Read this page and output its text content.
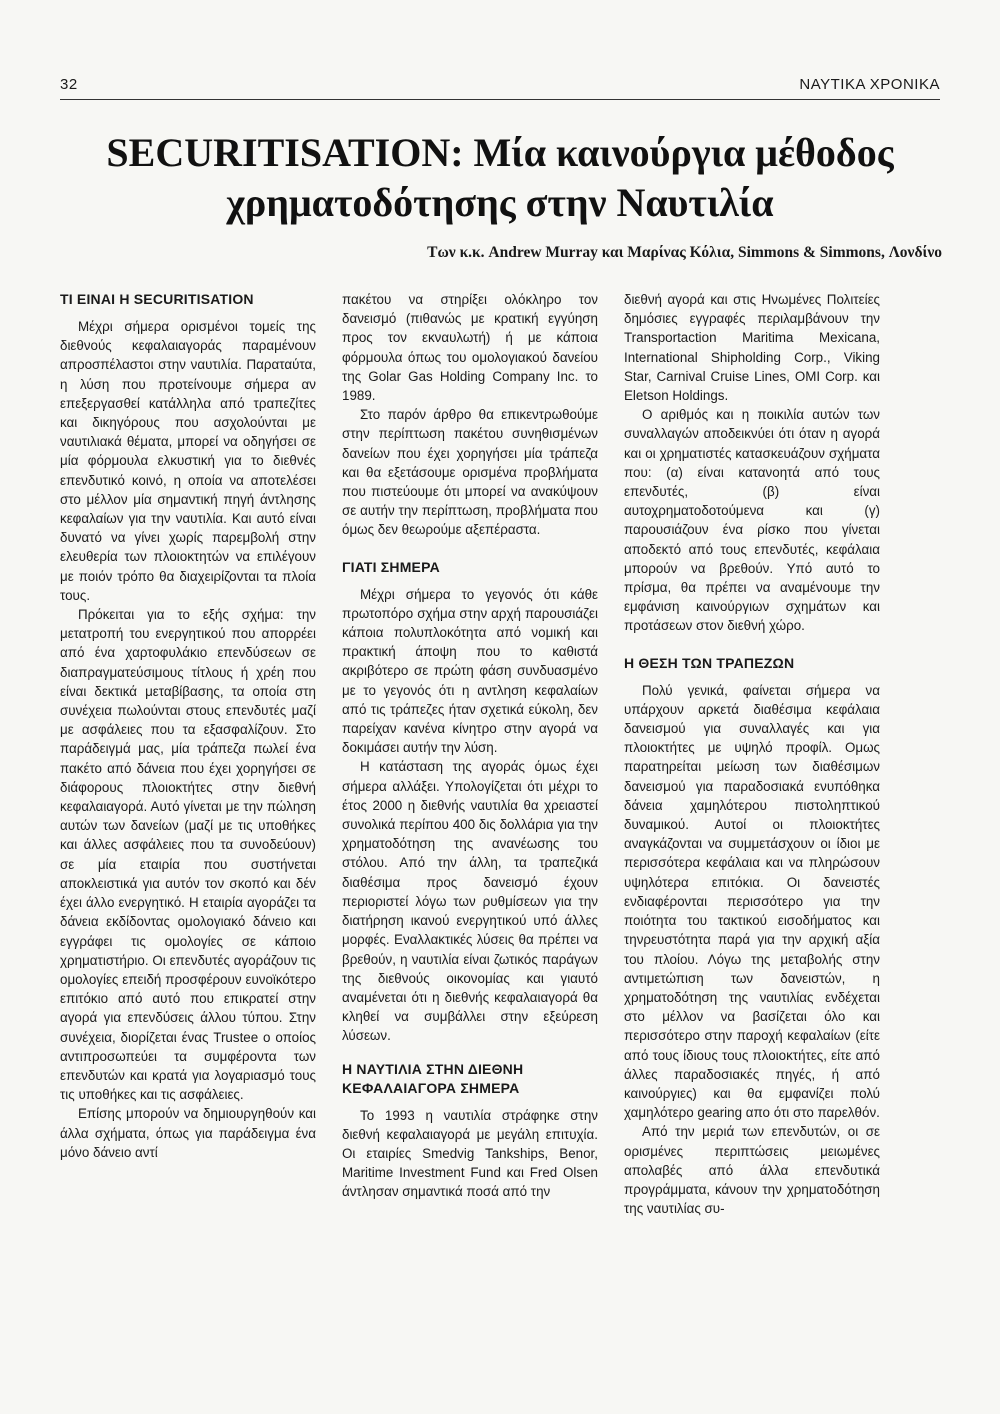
32	ΝΑΥΤΙΚΑ ΧΡΟΝΙΚΑ
SECURITISATION: Μία καινούργια μέθοδος
χρηματοδότησης στην Ναυτιλία
Των κ.κ. Andrew Murray και Μαρίνας Κόλια, Simmons & Simmons, Λονδίνο
ΤΙ ΕΙΝΑΙ Η SECURITISATION

Μέχρι σήμερα ορισμένοι τομείς της διεθνούς κεφαλαιαγοράς παραμένουν απροσπέλαστοι στην ναυτιλία. Παραταύτα, η λύση που προτείνουμε σήμερα αν επεξεργασθεί κατάλληλα από τραπεζίτες και δικηγόρους που ασχολούνται με ναυτιλιακά θέματα, μπορεί να οδηγήσει σε μία φόρμουλα ελκυστική για το διεθνές επενδυτικό κοινό, η οποία να αποτελέσει στο μέλλον μία σημαντική πηγή άντλησης κεφαλαίων για την ναυτιλία. Και αυτό είναι δυνατό να γίνει χωρίς παρεμβολή στην ελευθερία των πλοιοκτητών να επιλέγουν με ποιόν τρόπο θα διαχειρίζονται τα πλοία τους.

Πρόκειται για το εξής σχήμα: την μετατροπή του ενεργητικού που απορρέει από ένα χαρτοφυλάκιο επενδύσεων σε διαπραγματεύσιμους τίτλους ή χρέη που είναι δεκτικά μεταβίβασης, τα οποία στη συνέχεια πωλούνται στους επενδυτές μαζί με ασφάλειες που τα εξασφαλίζουν. Στο παράδειγμά μας, μία τράπεζα πωλεί ένα πακέτο από δάνεια που έχει χορηγήσει σε διάφορους πλοιοκτήτες στην διεθνή κεφαλαιαγορά. Αυτό γίνεται με την πώληση αυτών των δανείων (μαζί με τις υποθήκες και άλλες ασφάλειες που τα συνοδεύουν) σε μία εταιρία που συστήνεται αποκλειστικά για αυτόν τον σκοπό και δέν έχει άλλο ενεργητικό. Η εταιρία αγοράζει τα δάνεια εκδίδοντας ομολογιακό δάνειο και εγγράφει τις ομολογίες σε κάποιο χρηματιστήριο. Οι επενδυτές αγοράζουν τις ομολογίες επειδή προσφέρουν ευνοϊκότερο επιτόκιο από αυτό που επικρατεί στην αγορά για επενδύσεις άλλου τύπου. Στην συνέχεια, διορίζεται ένας Trustee ο οποίος αντιπροσωπεύει τα συμφέροντα των επενδυτών και κρατά για λογαριασμό τους τις υποθήκες και τις ασφάλειες.

Επίσης μπορούν να δημιουργηθούν και άλλα σχήματα, όπως για παράδειγμα ένα μόνο δάνειο αντί

πακέτου να στηρίξει ολόκληρο τον δανεισμό (πιθανώς με κρατική εγγύηση προς τον εκναυλωτή) ή με κάποια φόρμουλα όπως του ομολογιακού δανείου της Golar Gas Holding Company Inc. το 1989.

Στο παρόν άρθρο θα επικεντρωθούμε στην περίπτωση πακέτου συνηθισμένων δανείων που έχει χορηγήσει μία τράπεζα και θα εξετάσουμε ορισμένα προβλήματα που πιστεύουμε ότι μπορεί να ανακύψουν σε αυτήν την περίπτωση, προβλήματα που όμως δεν θεωρούμε αξεπέραστα.

ΓΙΑΤΙ ΣΗΜΕΡΑ

Μέχρι σήμερα το γεγονός ότι κάθε πρωτοπόρο σχήμα στην αρχή παρουσιάζει κάποια πολυπλοκότητα από νομική και πρακτική άποψη που το καθιστά ακριβότερο σε πρώτη φάση συνδυασμένο με το γεγονός ότι η αντληση κεφαλαίων από τις τράπεζες ήταν σχετικά εύκολη, δεν παρείχαν κανένα κίνητρο στην αγορά να δοκιμάσει αυτήν την λύση.

Η κατάσταση της αγοράς όμως έχει σήμερα αλλάξει. Υπολογίζεται ότι μέχρι το έτος 2000 η διεθνής ναυτιλία θα χρειαστεί συνολικά περίπου 400 δις δολλάρια για την χρηματοδότηση της ανανέωσης του στόλου. Από την άλλη, τα τραπεζικά διαθέσιμα προς δανεισμό έχουν περιοριστεί λόγω των ρυθμίσεων για την διατήρηση ικανού ενεργητικού υπό άλλες μορφές. Εναλλακτικές λύσεις θα πρέπει να βρεθούν, η ναυτιλία είναι ζωτικός παράγων της διεθνούς οικονομίας και γιαυτό αναμένεται ότι η διεθνής κεφαλαιαγορά θα κληθεί να συμβάλλει στην εξεύρεση λύσεων.

Η ΝΑΥΤΙΛΙΑ ΣΤΗΝ ΔΙΕΘΝΗ
ΚΕΦΑΛΑΙΑΓΟΡΑ ΣΗΜΕΡΑ

Το 1993 η ναυτιλία στράφηκε στην διεθνή κεφαλαιαγορά με μεγάλη επιτυχία. Οι εταιρίες Smedvig Tankships, Benor, Maritime Investment Fund και Fred Olsen άντλησαν σημαντικά ποσά από την

διεθνή αγορά και στις Ηνωμένες Πολιτείες δημόσιες εγγραφές περιλαμβάνουν την Transportaction Maritima Mexicana, International Shipholding Corp., Viking Star, Carnival Cruise Lines, OMI Corp. και Eletson Holdings.

Ο αριθμός και η ποικιλία αυτών των συναλλαγών αποδεικνύει ότι όταν η αγορά και οι χρηματιστές κατασκευάζουν σχήματα που: (α) είναι κατανοητά από τους επενδυτές, (β) είναι αυτοχρηματοδοτούμενα και (γ) παρουσιάζουν ένα ρίσκο που γίνεται αποδεκτό από τους επενδυτές, κεφάλαια μπορούν να βρεθούν. Υπό αυτό το πρίσμα, θα πρέπει να αναμένουμε την εμφάνιση καινούργιων σχημάτων και προτάσεων στον διεθνή χώρο.

Η ΘΕΣΗ ΤΩΝ ΤΡΑΠΕΖΩΝ

Πολύ γενικά, φαίνεται σήμερα να υπάρχουν αρκετά διαθέσιμα κεφάλαια δανεισμού για συναλλαγές και για πλοιοκτήτες με υψηλό προφίλ. Ομως παρατηρείται μείωση των διαθέσιμων δανεισμού για παραδοσιακά ενυπόθηκα δάνεια χαμηλότερου πιστοληπτικού δυναμικού. Αυτοί οι πλοιοκτήτες αναγκάζονται να συμμετάσχουν οι ίδιοι με περισσότερα κεφάλαια και να πληρώσουν υψηλότερα επιτόκια. Οι δανειστές ενδιαφέρονται περισσότερο για την ποιότητα του τακτικού εισοδήματος και τηνρευστότητα παρά για την αρχική αξία του πλοίου. Λόγω της μεταβολής στην αντιμετώπιση των δανειστών, η χρηματοδότηση της ναυτιλίας ενδέχεται στο μέλλον να βασίζεται όλο και περισσότερο στην παροχή κεφαλαίων (είτε από τους ίδιους τους πλοιοκτήτες, είτε από άλλες παραδοσιακές πηγές, ή από καινούργιες) και θα εμφανίζει πολύ χαμηλότερο gearing απο ότι στο παρελθόν.

Από την μεριά των επενδυτών, οι σε ορισμένες περιπτώσεις μειωμένες απολαβές από άλλα επενδυτικά προγράμματα, κάνουν την χρηματοδότηση της ναυτιλίας συ-
